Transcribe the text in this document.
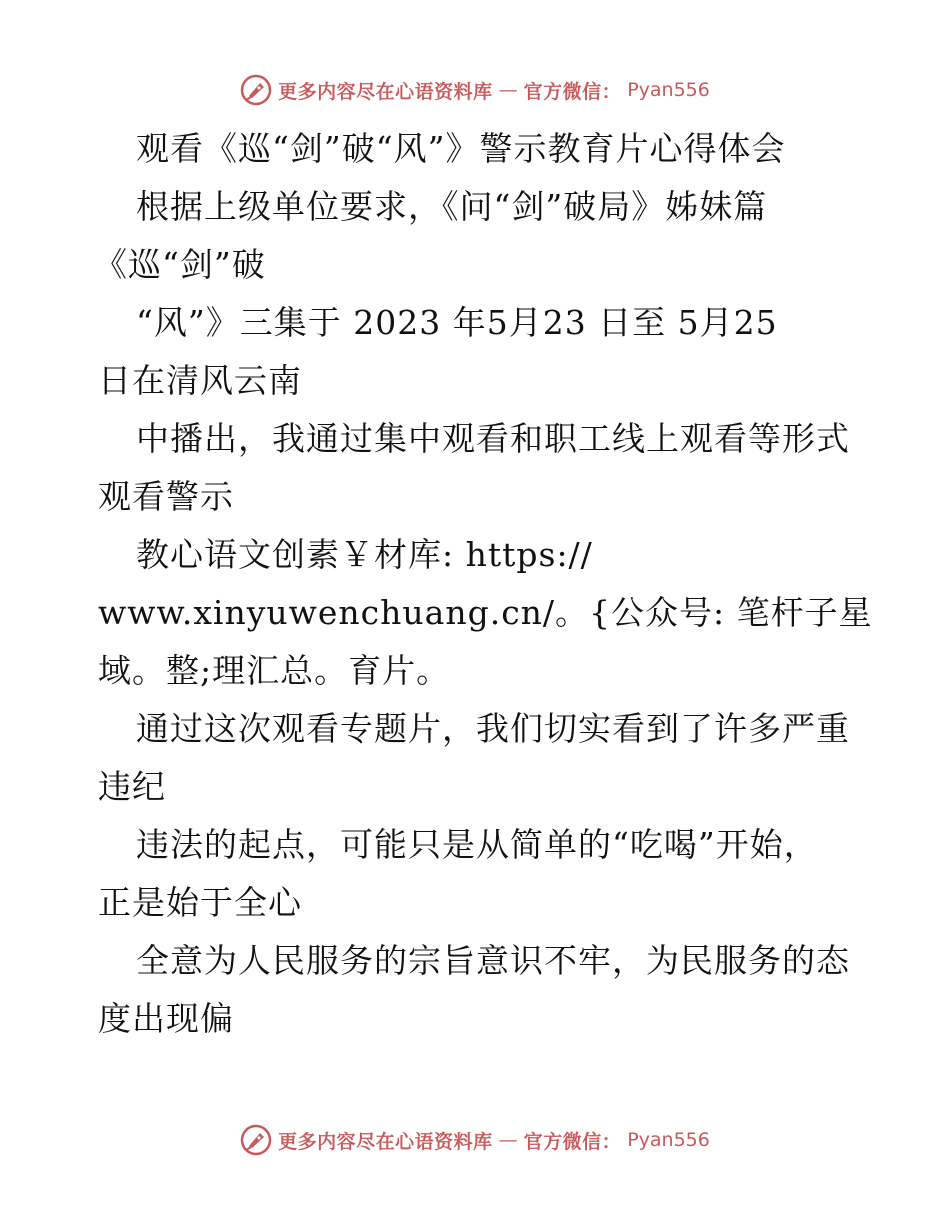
更多内容尽在心语资料库 — 官方微信： Pyan556
观看《巡“剑”破“风”》警示教育片心得体会
根据上级单位要求，《问“剑”破局》姊妹篇
《巡“剑”破
“风”》三集于 2023 年5月23 日至 5月25
日在清风云南
中播出，我通过集中观看和职工线上观看等形式
观看警示
教心语文创素￥材库: https://
www.xinyuwenchuang.cn/。{公众号: 笔杆子星
域。整;理汇总。育片。
通过这次观看专题片，我们切实看到了许多严重
违纪
违法的起点，可能只是从简单的“吃喝”开始，
正是始于全心
全意为人民服务的宗旨意识不牢，为民服务的态
度出现偏
更多内容尽在心语资料库 — 官方微信： Pyan556
